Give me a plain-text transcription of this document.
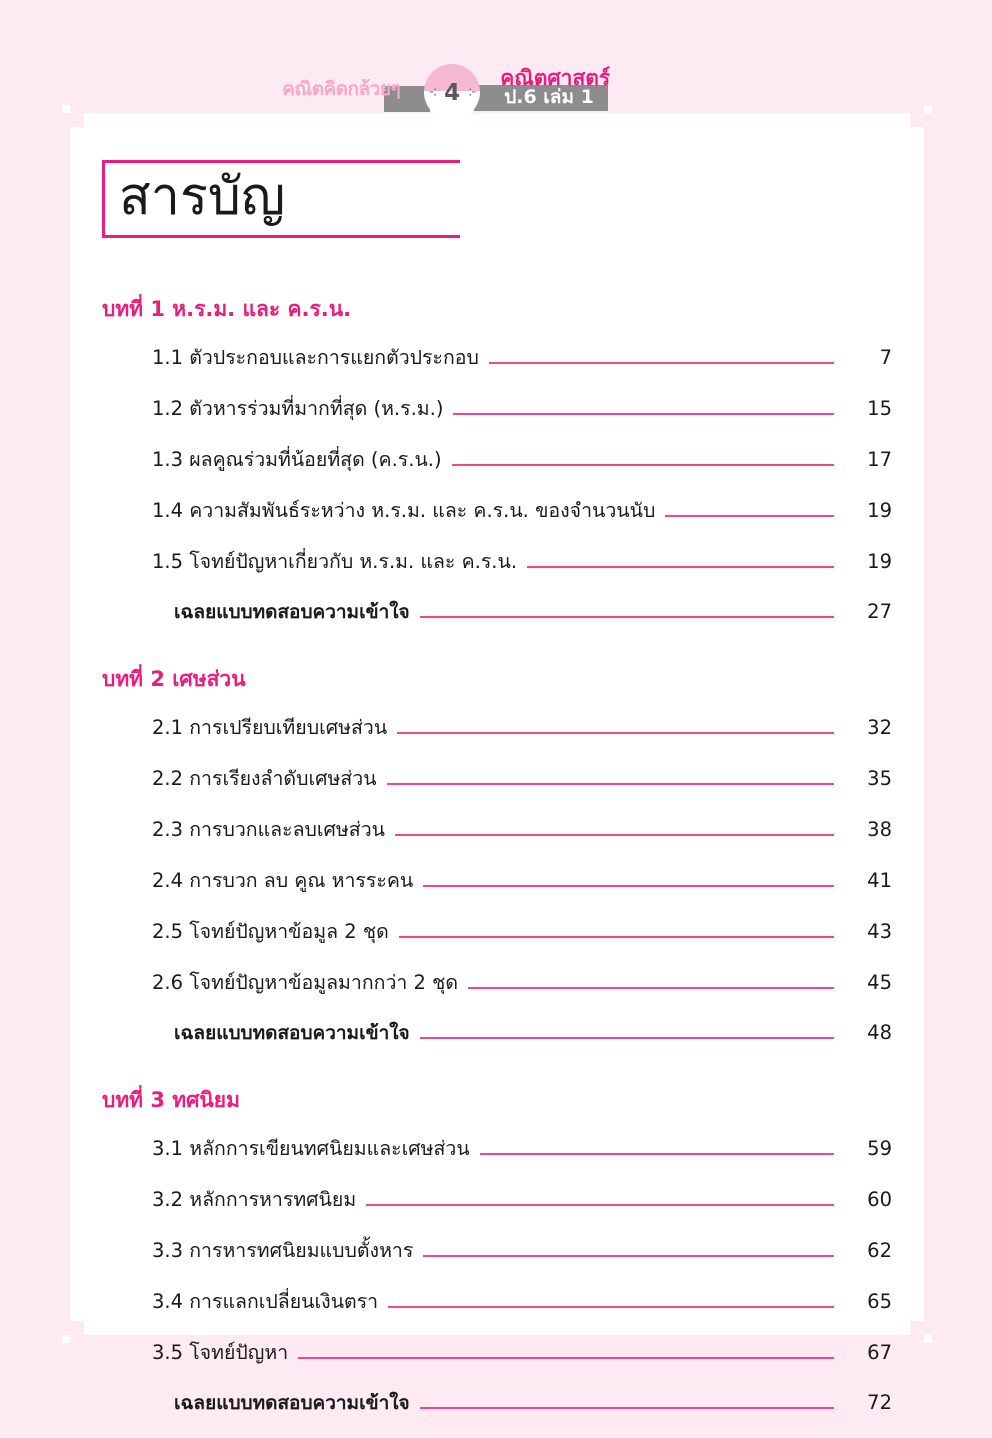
คณิตคิดกล้วยๆ -: 4 :-
คณิตศาสตร์
ป.6 เล่ม 1
สารบัญ
บทที่ 1 ห.ร.ม. และ ค.ร.น.
1.1 ตัวประกอบและการแยกตัวประกอบ	7
1.2 ตัวหารร่วมที่มากที่สุด (ห.ร.ม.)	15
1.3 ผลคูณร่วมที่น้อยที่สุด (ค.ร.น.)	17
1.4 ความสัมพันธ์ระหว่าง ห.ร.ม. และ ค.ร.น. ของจำนวนนับ	19
1.5 โจทย์ปัญหาเกี่ยวกับ ห.ร.ม. และ ค.ร.น.	19
เฉลยแบบทดสอบความเข้าใจ	27
บทที่ 2 เศษส่วน
2.1 การเปรียบเทียบเศษส่วน	32
2.2 การเรียงลำดับเศษส่วน	35
2.3 การบวกและลบเศษส่วน	38
2.4 การบวก ลบ คูณ หารระคน	41
2.5 โจทย์ปัญหาข้อมูล 2 ชุด	43
2.6 โจทย์ปัญหาข้อมูลมากกว่า 2 ชุด	45
เฉลยแบบทดสอบความเข้าใจ	48
บทที่ 3 ทศนิยม
3.1 หลักการเขียนทศนิยมและเศษส่วน	59
3.2 หลักการหารทศนิยม	60
3.3 การหารทศนิยมแบบตั้งหาร	62
3.4 การแลกเปลี่ยนเงินตรา	65
3.5 โจทย์ปัญหา	67
เฉลยแบบทดสอบความเข้าใจ	72
